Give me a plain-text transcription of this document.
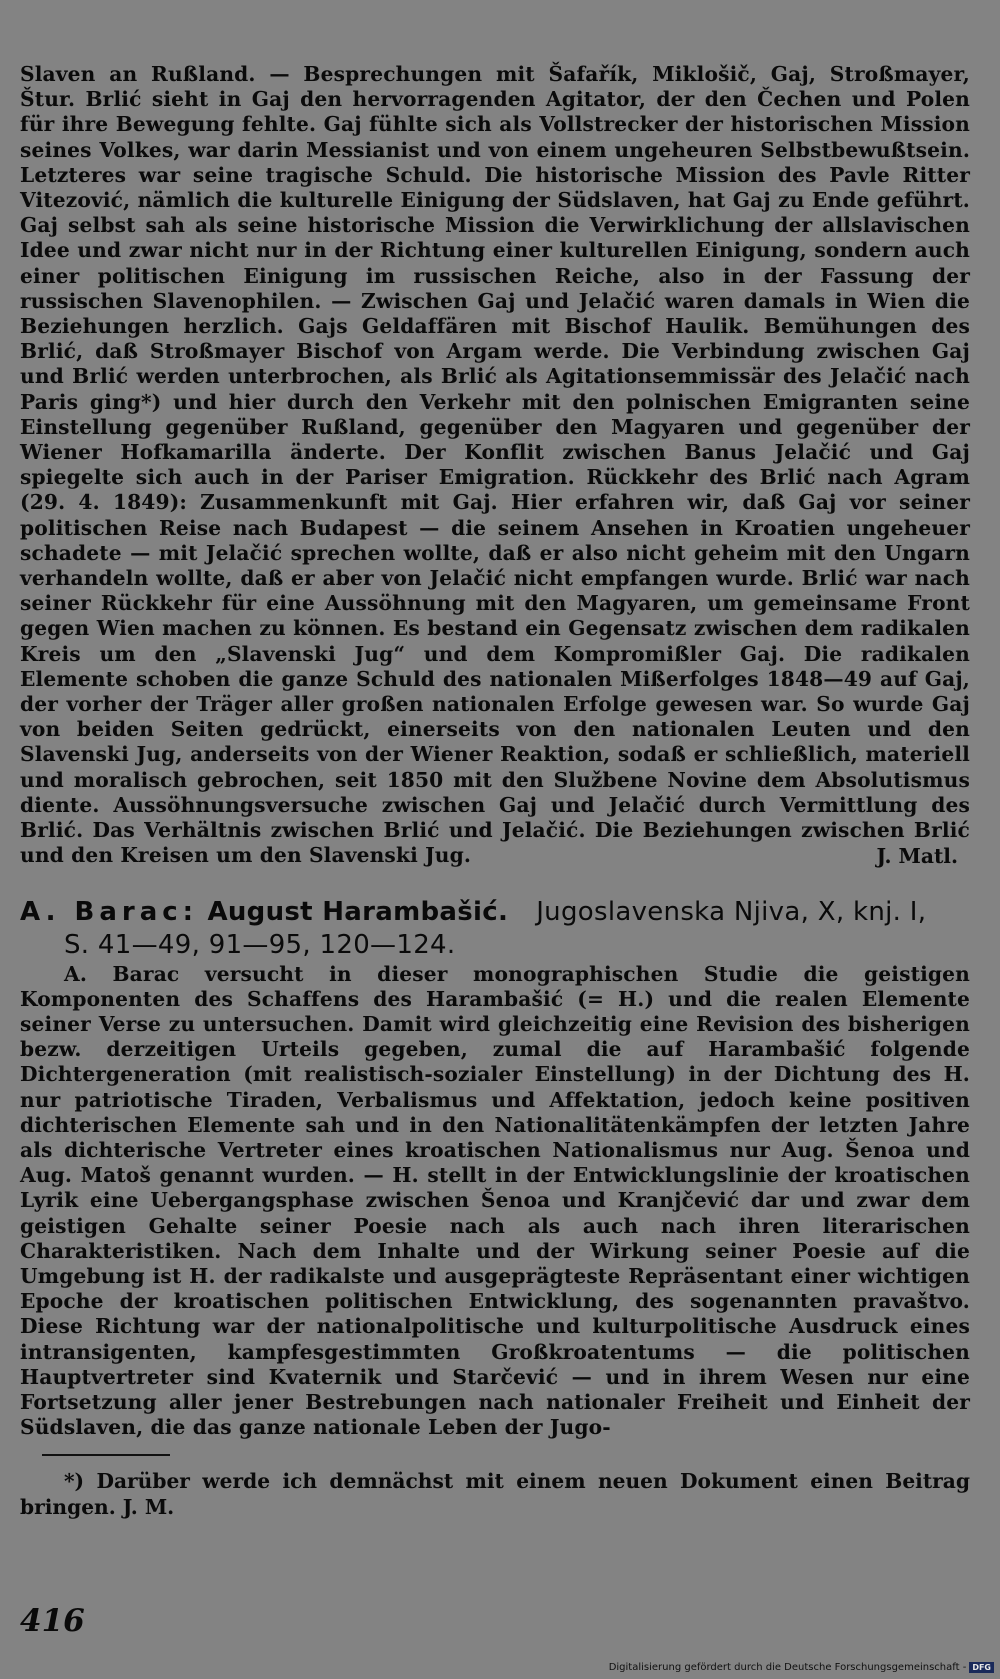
Slaven an Rußland. — Besprechungen mit Šafařík, Miklošič, Gaj, Stroßmayer, Štur. Brlić sieht in Gaj den hervorragenden Agitator, der den Čechen und Polen für ihre Bewegung fehlte. Gaj fühlte sich als Vollstrecker der historischen Mission seines Volkes, war darin Messianist und von einem ungeheuren Selbstbewußtsein. Letzteres war seine tragische Schuld. Die historische Mission des Pavle Ritter Vitezović, nämlich die kulturelle Einigung der Südslaven, hat Gaj zu Ende geführt. Gaj selbst sah als seine historische Mission die Verwirklichung der allslavischen Idee und zwar nicht nur in der Richtung einer kulturellen Einigung, sondern auch einer politischen Einigung im russischen Reiche, also in der Fassung der russischen Slavenophilen. — Zwischen Gaj und Jelačić waren damals in Wien die Beziehungen herzlich. Gajs Geldaffären mit Bischof Haulik. Bemühungen des Brlić, daß Stroßmayer Bischof von Argam werde. Die Verbindung zwischen Gaj und Brlić werden unterbrochen, als Brlić als Agitationsemmissär des Jelačić nach Paris ging*) und hier durch den Verkehr mit den polnischen Emigranten seine Einstellung gegenüber Rußland, gegenüber den Magyaren und gegenüber der Wiener Hofkamarilla änderte. Der Konflit zwischen Banus Jelačić und Gaj spiegelte sich auch in der Pariser Emigration. Rückkehr des Brlić nach Agram (29. 4. 1849): Zusammenkunft mit Gaj. Hier erfahren wir, daß Gaj vor seiner politischen Reise nach Budapest — die seinem Ansehen in Kroatien ungeheuer schadete — mit Jelačić sprechen wollte, daß er also nicht geheim mit den Ungarn verhandeln wollte, daß er aber von Jelačić nicht empfangen wurde. Brlić war nach seiner Rückkehr für eine Aussöhnung mit den Magyaren, um gemeinsame Front gegen Wien machen zu können. Es bestand ein Gegensatz zwischen dem radikalen Kreis um den „Slavenski Jug“ und dem Kompromißler Gaj. Die radikalen Elemente schoben die ganze Schuld des nationalen Mißerfolges 1848—49 auf Gaj, der vorher der Träger aller großen nationalen Erfolge gewesen war. So wurde Gaj von beiden Seiten gedrückt, einerseits von den nationalen Leuten und den Slavenski Jug, anderseits von der Wiener Reaktion, sodaß er schließlich, materiell und moralisch gebrochen, seit 1850 mit den Službene Novine dem Absolutismus diente. Aussöhnungsversuche zwischen Gaj und Jelačić durch Vermittlung des Brlić. Das Verhältnis zwischen Brlić und Jelačić. Die Beziehungen zwischen Brlić und den Kreisen um den Slavenski Jug.	J. Matl.

A. Barac: August Harambašić. Jugoslavenska Njiva, X, knj. I,
S. 41—49, 91—95, 120—124.

A. Barac versucht in dieser monographischen Studie die geistigen Komponenten des Schaffens des Harambašić (= H.) und die realen Elemente seiner Verse zu untersuchen. Damit wird gleichzeitig eine Revision des bisherigen bezw. derzeitigen Urteils gegeben, zumal die auf Harambašić folgende Dichtergeneration (mit realistisch-sozialer Einstellung) in der Dichtung des H. nur patriotische Tiraden, Verbalismus und Affektation, jedoch keine positiven dichterischen Elemente sah und in den Nationalitätenkämpfen der letzten Jahre als dichterische Vertreter eines kroatischen Nationalismus nur Aug. Šenoa und Aug. Matoš genannt wurden. — H. stellt in der Entwicklungslinie der kroatischen Lyrik eine Uebergangsphase zwischen Šenoa und Kranjčević dar und zwar dem geistigen Gehalte seiner Poesie nach als auch nach ihren literarischen Charakteristiken. Nach dem Inhalte und der Wirkung seiner Poesie auf die Umgebung ist H. der radikalste und ausgeprägteste Repräsentant einer wichtigen Epoche der kroatischen politischen Entwicklung, des sogenannten pravaštvo. Diese Richtung war der nationalpolitische und kulturpolitische Ausdruck eines intransigenten, kampfesgestimmten Großkroatentums — die politischen Hauptvertreter sind Kvaternik und Starčević — und in ihrem Wesen nur eine Fortsetzung aller jener Bestrebungen nach nationaler Freiheit und Einheit der Südslaven, die das ganze nationale Leben der Jugo-

*) Darüber werde ich demnächst mit einem neuen Dokument einen Beitrag bringen. J. M.

416
Digitalisierung gefördert durch die Deutsche Forschungsgemeinschaft - DFG
